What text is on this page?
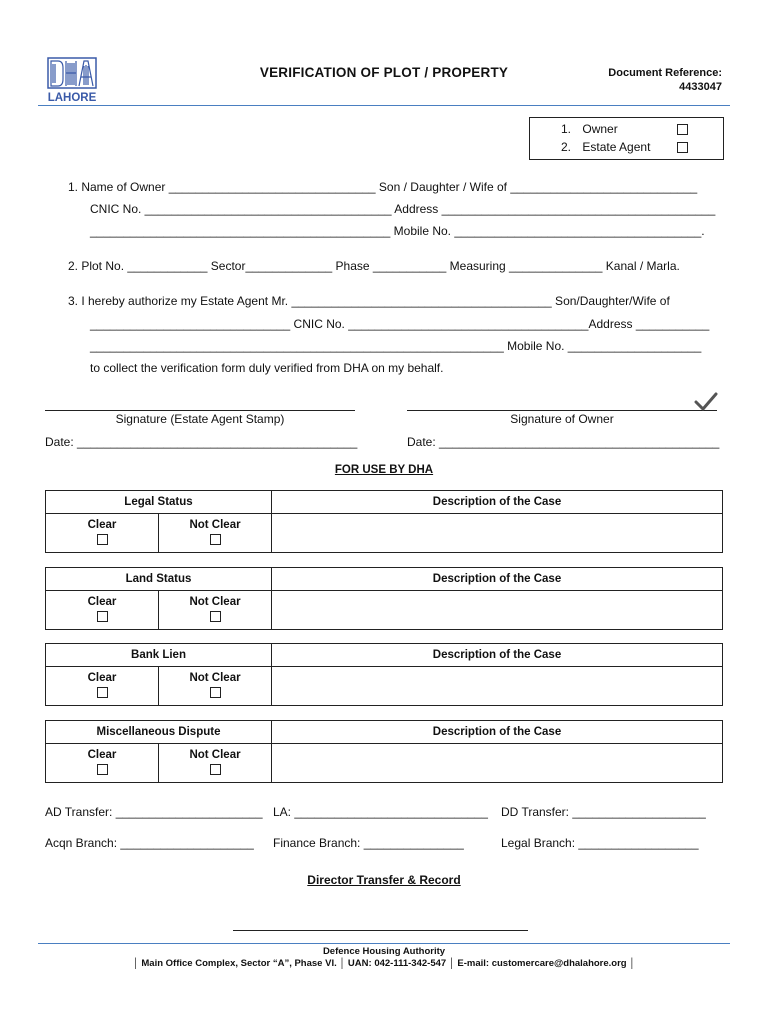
LAHORE
VERIFICATION OF PLOT / PROPERTY	Document Reference:
4433047
1. Owner
2. Estate Agent
1. Name of Owner _______________________________ Son / Daughter / Wife of ____________________________
CNIC No. _____________________________________ Address _________________________________________
_____________________________________________ Mobile No. _____________________________________.
2. Plot No. ____________ Sector_____________ Phase ___________ Measuring ______________ Kanal / Marla.
3. I hereby authorize my Estate Agent Mr. _______________________________________ Son/Daughter/Wife of
______________________________ CNIC No. ____________________________________Address ___________
______________________________________________________________ Mobile No. ____________________
to collect the verification form duly verified from DHA on my behalf.
Signature (Estate Agent Stamp)	Signature of Owner
Date: __________________________________________	Date: __________________________________________
FOR USE BY DHA
Legal Status		Description of the Case

Clear	Not Clear	

Land Status		Description of the Case

Clear	Not Clear	

Bank Lien		Description of the Case

Clear	Not Clear	

Miscellaneous Dispute		Description of the Case

Clear	Not Clear	

AD Transfer: ______________________ LA: _____________________________ DD Transfer: ____________________
Acqn Branch: ____________________ Finance Branch: _______________	Legal Branch: __________________
Director Transfer & Record
Defence Housing Authority
│ Main Office Complex, Sector “A”, Phase VI. │ UAN: 042-111-342-547 │ E-mail: customercare@dhalahore.org │
